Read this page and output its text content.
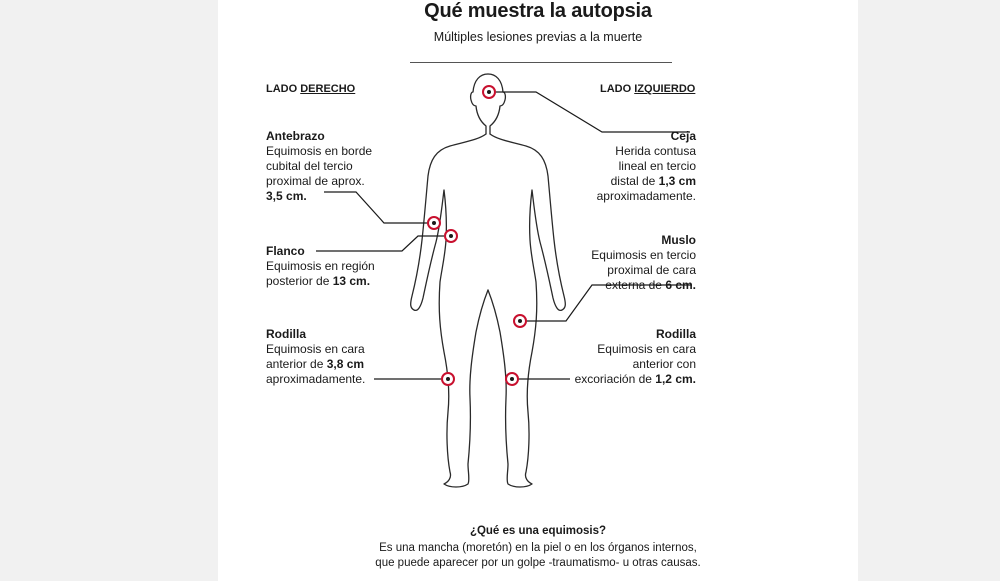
Qué muestra la autopsia
Múltiples lesiones previas a la muerte
LADO DERECHO	LADO IZQUIERDO
Antebrazo
Equimosis en borde
cubital del tercio
proximal de aprox.
3,5 cm.
Flanco
Equimosis en región
posterior de 13 cm.
Rodilla
Equimosis en cara
anterior de 3,8 cm
aproximadamente.
Ceja
Herida contusa
lineal en tercio
distal de 1,3 cm
aproximadamente.
Muslo
Equimosis en tercio
proximal de cara
externa de 6 cm.
Rodilla
Equimosis en cara
anterior con
excoriación de 1,2 cm.
¿Qué es una equimosis?
Es una mancha (moretón) en la piel o en los órganos internos,
que puede aparecer por un golpe -traumatismo- u otras causas.
